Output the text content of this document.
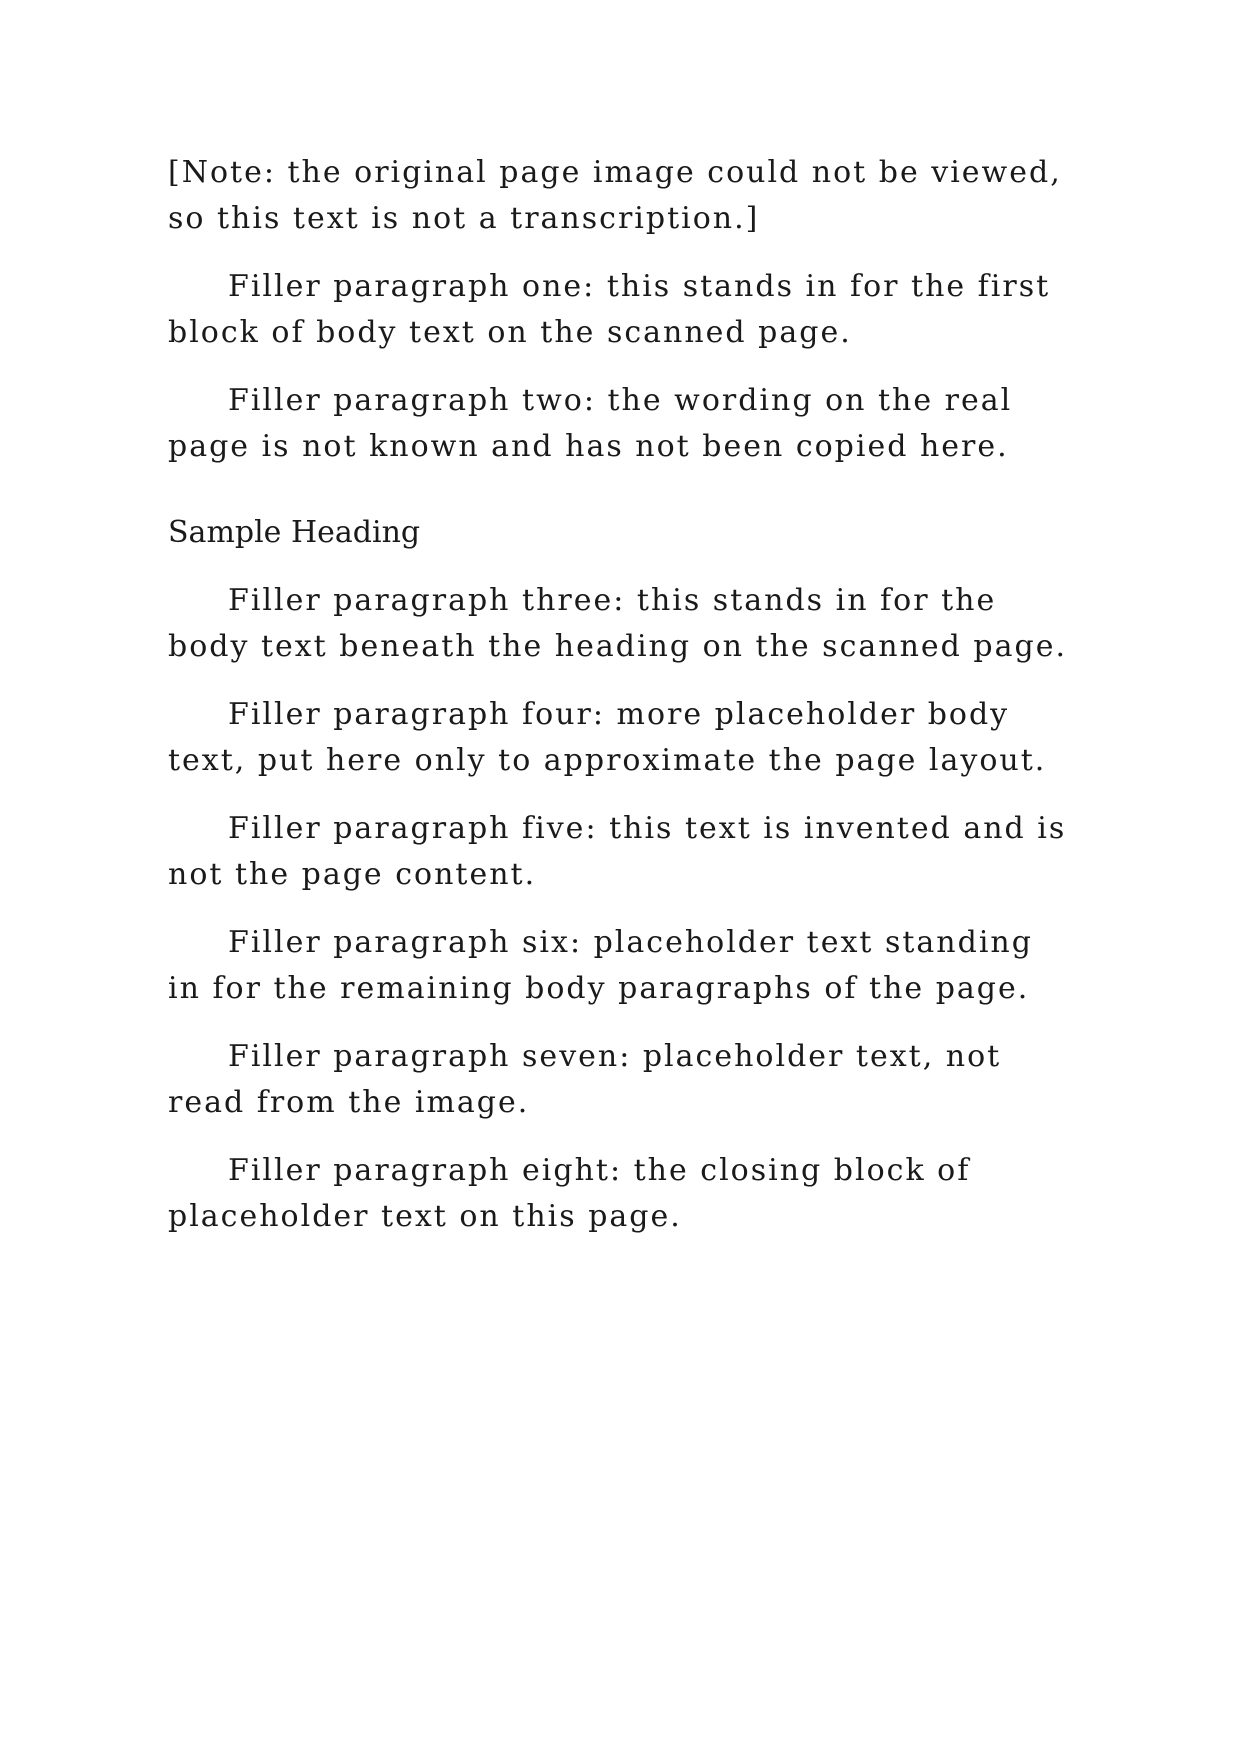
[Note: the original page image could not be viewed, so this text is not a transcription.]

Filler paragraph one: this stands in for the first block of body text on the scanned page.

Filler paragraph two: the wording on the real page is not known and has not been copied here.

Sample Heading

Filler paragraph three: this stands in for the body text beneath the heading on the scanned page.

Filler paragraph four: more placeholder body text, put here only to approximate the page layout.

Filler paragraph five: this text is invented and is not the page content.

Filler paragraph six: placeholder text standing in for the remaining body paragraphs of the page.

Filler paragraph seven: placeholder text, not read from the image.

Filler paragraph eight: the closing block of placeholder text on this page.
